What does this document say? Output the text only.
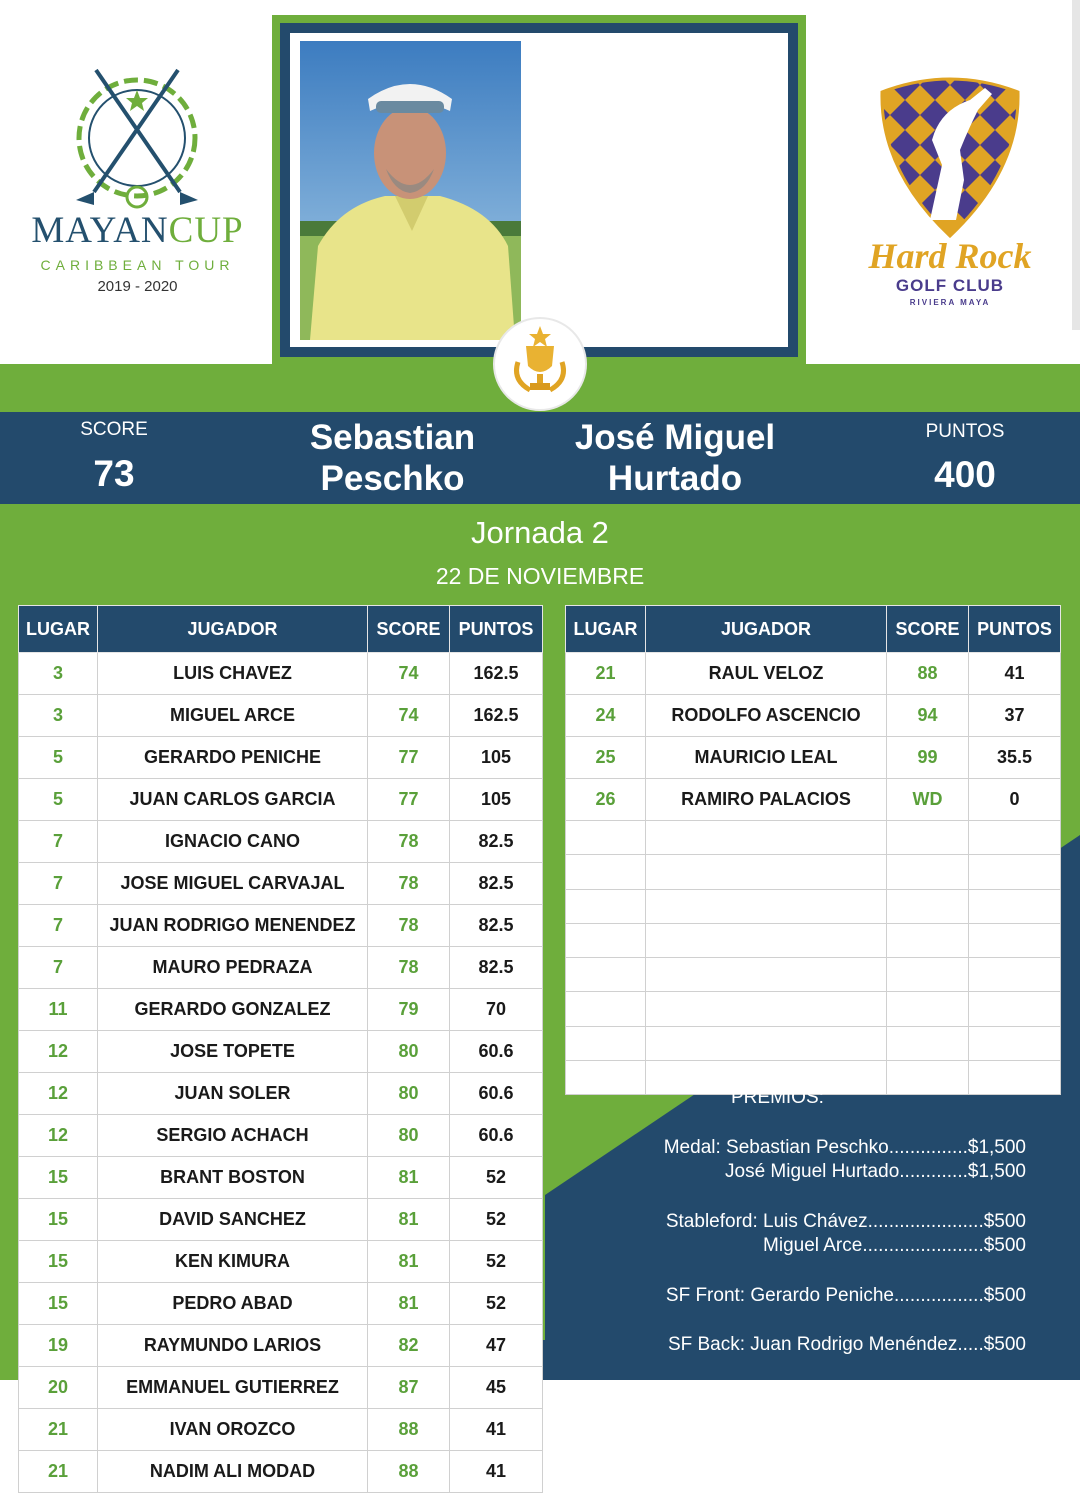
MAYANCUP
CARIBBEAN TOUR
2019 - 2020
Hard Rock
GOLF CLUB
RIVIERA MAYA
SCORE
73
Sebastian
Peschko
José Miguel
Hurtado
PUNTOS
400
Jornada 2
22 DE NOVIEMBRE
LUGAR	JUGADOR	SCORE	PUNTOS
3	LUIS CHAVEZ	74	162.5
3	MIGUEL ARCE	74	162.5
5	GERARDO PENICHE	77	105
5	JUAN CARLOS GARCIA	77	105
7	IGNACIO CANO	78	82.5
7	JOSE MIGUEL CARVAJAL	78	82.5
7	JUAN RODRIGO MENENDEZ	78	82.5
7	MAURO PEDRAZA	78	82.5
11	GERARDO GONZALEZ	79	70
12	JOSE TOPETE	80	60.6
12	JUAN SOLER	80	60.6
12	SERGIO ACHACH	80	60.6
15	BRANT BOSTON	81	52
15	DAVID SANCHEZ	81	52
15	KEN KIMURA	81	52
15	PEDRO ABAD	81	52
19	RAYMUNDO LARIOS	82	47
20	EMMANUEL GUTIERREZ	87	45
21	IVAN OROZCO	88	41
21	NADIM ALI MODAD	88	41
LUGAR	JUGADOR	SCORE	PUNTOS
21	RAUL VELOZ	88	41
24	RODOLFO ASCENCIO	94	37
25	MAURICIO LEAL	99	35.5
26	RAMIRO PALACIOS	WD	0

PREMIOS:
Medal: Sebastian Peschko...............$1,500
José Miguel Hurtado.............$1,500
Stableford: Luis Chávez......................$500
Miguel Arce.......................$500
SF Front: Gerardo Peniche.................$500
SF Back: Juan Rodrigo Menéndez.....$500
